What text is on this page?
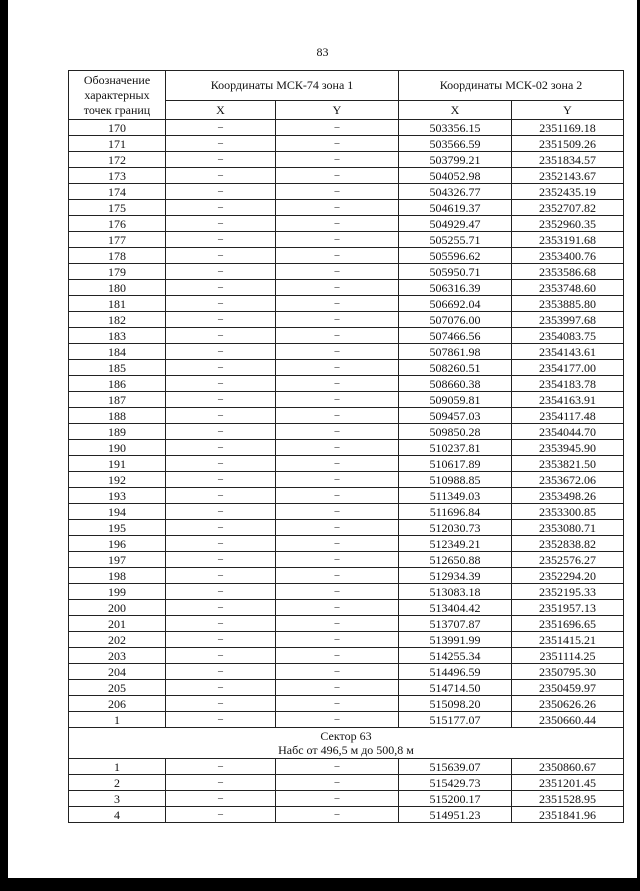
83
Обозначение характерных точек границ	Координаты МСК-74 зона 1		Координаты МСК-02 зона 2	
	X	Y	X	Y
170	–	–	503356.15	2351169.18
171	–	–	503566.59	2351509.26
172	–	–	503799.21	2351834.57
173	–	–	504052.98	2352143.67
174	–	–	504326.77	2352435.19
175	–	–	504619.37	2352707.82
176	–	–	504929.47	2352960.35
177	–	–	505255.71	2353191.68
178	–	–	505596.62	2353400.76
179	–	–	505950.71	2353586.68
180	–	–	506316.39	2353748.60
181	–	–	506692.04	2353885.80
182	–	–	507076.00	2353997.68
183	–	–	507466.56	2354083.75
184	–	–	507861.98	2354143.61
185	–	–	508260.51	2354177.00
186	–	–	508660.38	2354183.78
187	–	–	509059.81	2354163.91
188	–	–	509457.03	2354117.48
189	–	–	509850.28	2354044.70
190	–	–	510237.81	2353945.90
191	–	–	510617.89	2353821.50
192	–	–	510988.85	2353672.06
193	–	–	511349.03	2353498.26
194	–	–	511696.84	2353300.85
195	–	–	512030.73	2353080.71
196	–	–	512349.21	2352838.82
197	–	–	512650.88	2352576.27
198	–	–	512934.39	2352294.20
199	–	–	513083.18	2352195.33
200	–	–	513404.42	2351957.13
201	–	–	513707.87	2351696.65
202	–	–	513991.99	2351415.21
203	–	–	514255.34	2351114.25
204	–	–	514496.59	2350795.30
205	–	–	514714.50	2350459.97
206	–	–	515098.20	2350626.26
1	–	–	515177.07	2350660.44

Сектор 63
Набс от 496,5 м до 500,8 м				

1	–	–	515639.07	2350860.67
2	–	–	515429.73	2351201.45
3	–	–	515200.17	2351528.95
4	–	–	514951.23	2351841.96
